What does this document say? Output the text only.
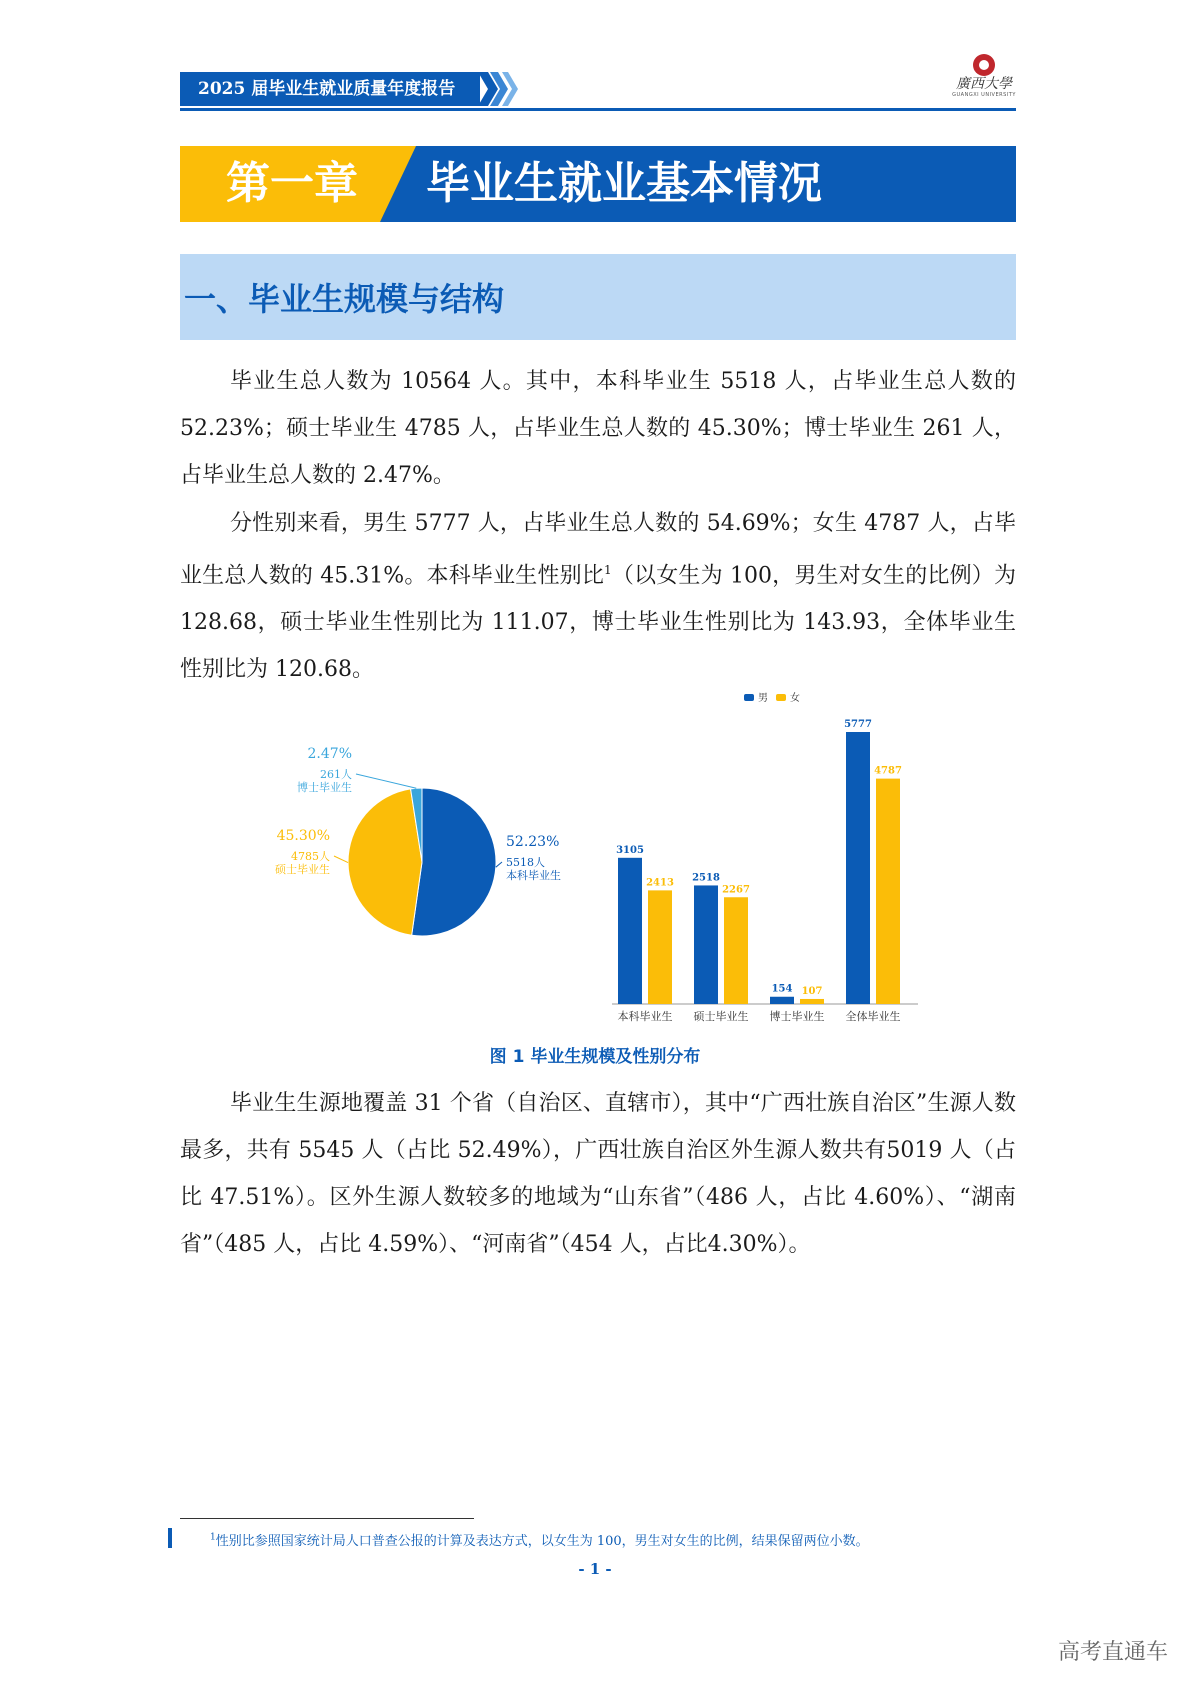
2025 届毕业生就业质量年度报告	廣西大學
GUANGXI UNIVERSITY
第一章 毕业生就业基本情况
一、毕业生规模与结构

毕业生总人数为 10564 人。其中，本科毕业生 5518 人，占毕业生总人数的52.23%；硕士毕业生 4785 人，占毕业生总人数的 45.30%；博士毕业生 261 人，占毕业生总人数的 2.47%。

分性别来看，男生 5777 人，占毕业生总人数的 54.69%；女生 4787 人，占毕业生总人数的 45.31%。本科毕业生性别比$^1$（以女生为 100，男生对女生的比例）为 128.68，硕士毕业生性别比为 111.07，博士毕业生性别比为 143.93，全体毕业生性别比为 120.68。

52.23%
5518人
本科毕业生
45.30%
4785人
硕士毕业生
2.47%
261人
博士毕业生
男 女
3105
2413
本科毕业生
2518
2267
硕士毕业生
154 107
博士毕业生
5777
4787
全体毕业生
图 1 毕业生规模及性别分布

毕业生生源地覆盖 31 个省（自治区、直辖市），其中“广西壮族自治区”生源人数最多，共有 5545 人（占比 52.49%），广西壮族自治区外生源人数共有5019 人（占比 47.51%）。区外生源人数较多的地域为“山东省”（486 人，占比 4.60%）、“湖南省”（485 人，占比 4.59%）、“河南省”（454 人，占比4.30%）。

$^1$性别比参照国家统计局人口普查公报的计算及表达方式，以女生为 100，男生对女生的比例，结果保留两位小数。
- 1 -
高考直通车
